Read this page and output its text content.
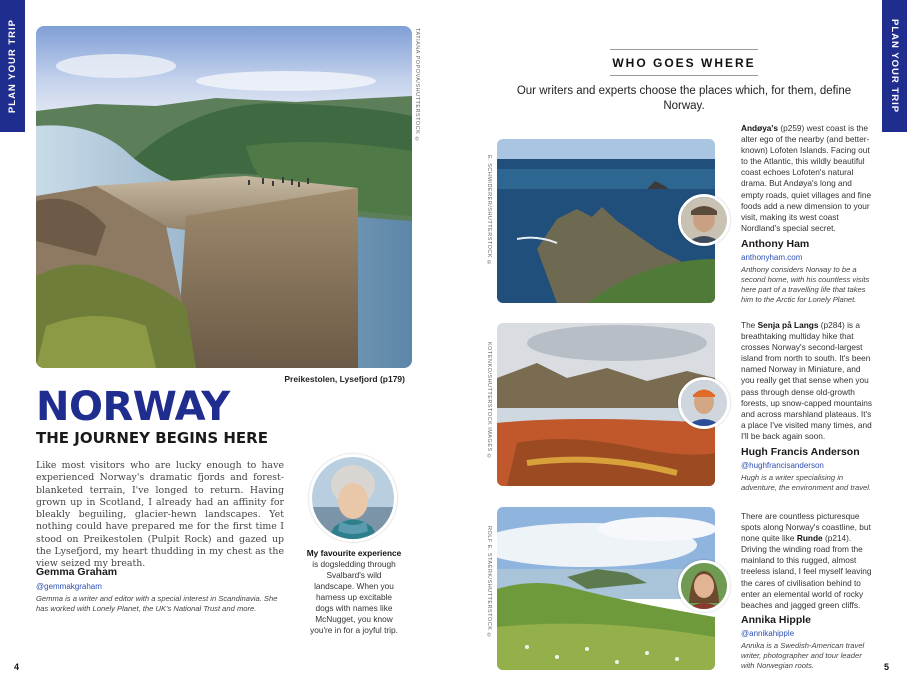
PLAN YOUR TRIP	PLAN YOUR TRIP
TATIANA POPOVA/SHUTTERSTOCK ©
Preikestolen, Lysefjord (p179)
NORWAY
THE JOURNEY BEGINS HERE
Like most visitors who are lucky enough to have experienced Norway's dramatic fjords and forest-blanketed terrain, I've longed to return. Having grown up in Scotland, I already had an affinity for bleakly beguiling, glacier-hewn landscapes. Yet nothing could have prepared me for the first time I stood on Preikestolen (Pulpit Rock) and gazed up the Lysefjord, my heart thudding in my chest as the view seized my breath.
Gemma Graham
@gemmakgraham
Gemma is a writer and editor with a special interest in Scandinavia. She has worked with Lonely Planet, the UK's National Trust and more.
My favourite experience is dogsledding through Svalbard's wild landscape. When you harness up excitable dogs with names like McNugget, you know you're in for a joyful trip.
4
WHO GOES WHERE
Our writers and experts choose the places which, for them, define Norway.
E. SCHMIDERER/SHUTTERSTOCK ©
Andøya's (p259) west coast is the alter ego of the nearby (and better-known) Lofoten Islands. Facing out to the Atlantic, this wildly beautiful coast echoes Lofoten's natural drama. But Andøya's long and empty roads, quiet villages and fine foods add a new dimension to your visit, making its west coast Nordland's special secret.
Anthony Ham
anthonyham.com
Anthony considers Norway to be a second home, with his countless visits here part of a travelling life that takes him to the Arctic for Lonely Planet.
KOTENKO/SHUTTERSTOCK IMAGES ©
The Senja på Langs (p284) is a breathtaking multiday hike that crosses Norway's second-largest island from north to south. It's been named Norway in Miniature, and you really get that sense when you pass through dense old-growth forests, up snow-capped mountains and across marshland plateaus. It's a place I've visited many times, and I'll be back again soon.
Hugh Francis Anderson
@hughfrancisanderson
Hugh is a writer specialising in adventure, the environment and travel.
ROLF E. STAERK/SHUTTERSTOCK ©
There are countless picturesque spots along Norway's coastline, but none quite like Runde (p214). Driving the winding road from the mainland to this rugged, almost treeless island, I feel myself leaving the cares of civilisation behind to enter an elemental world of rocky beaches and jagged green cliffs.
Annika Hipple
@annikahipple
Annika is a Swedish-American travel writer, photographer and tour leader with Norwegian roots.	5
